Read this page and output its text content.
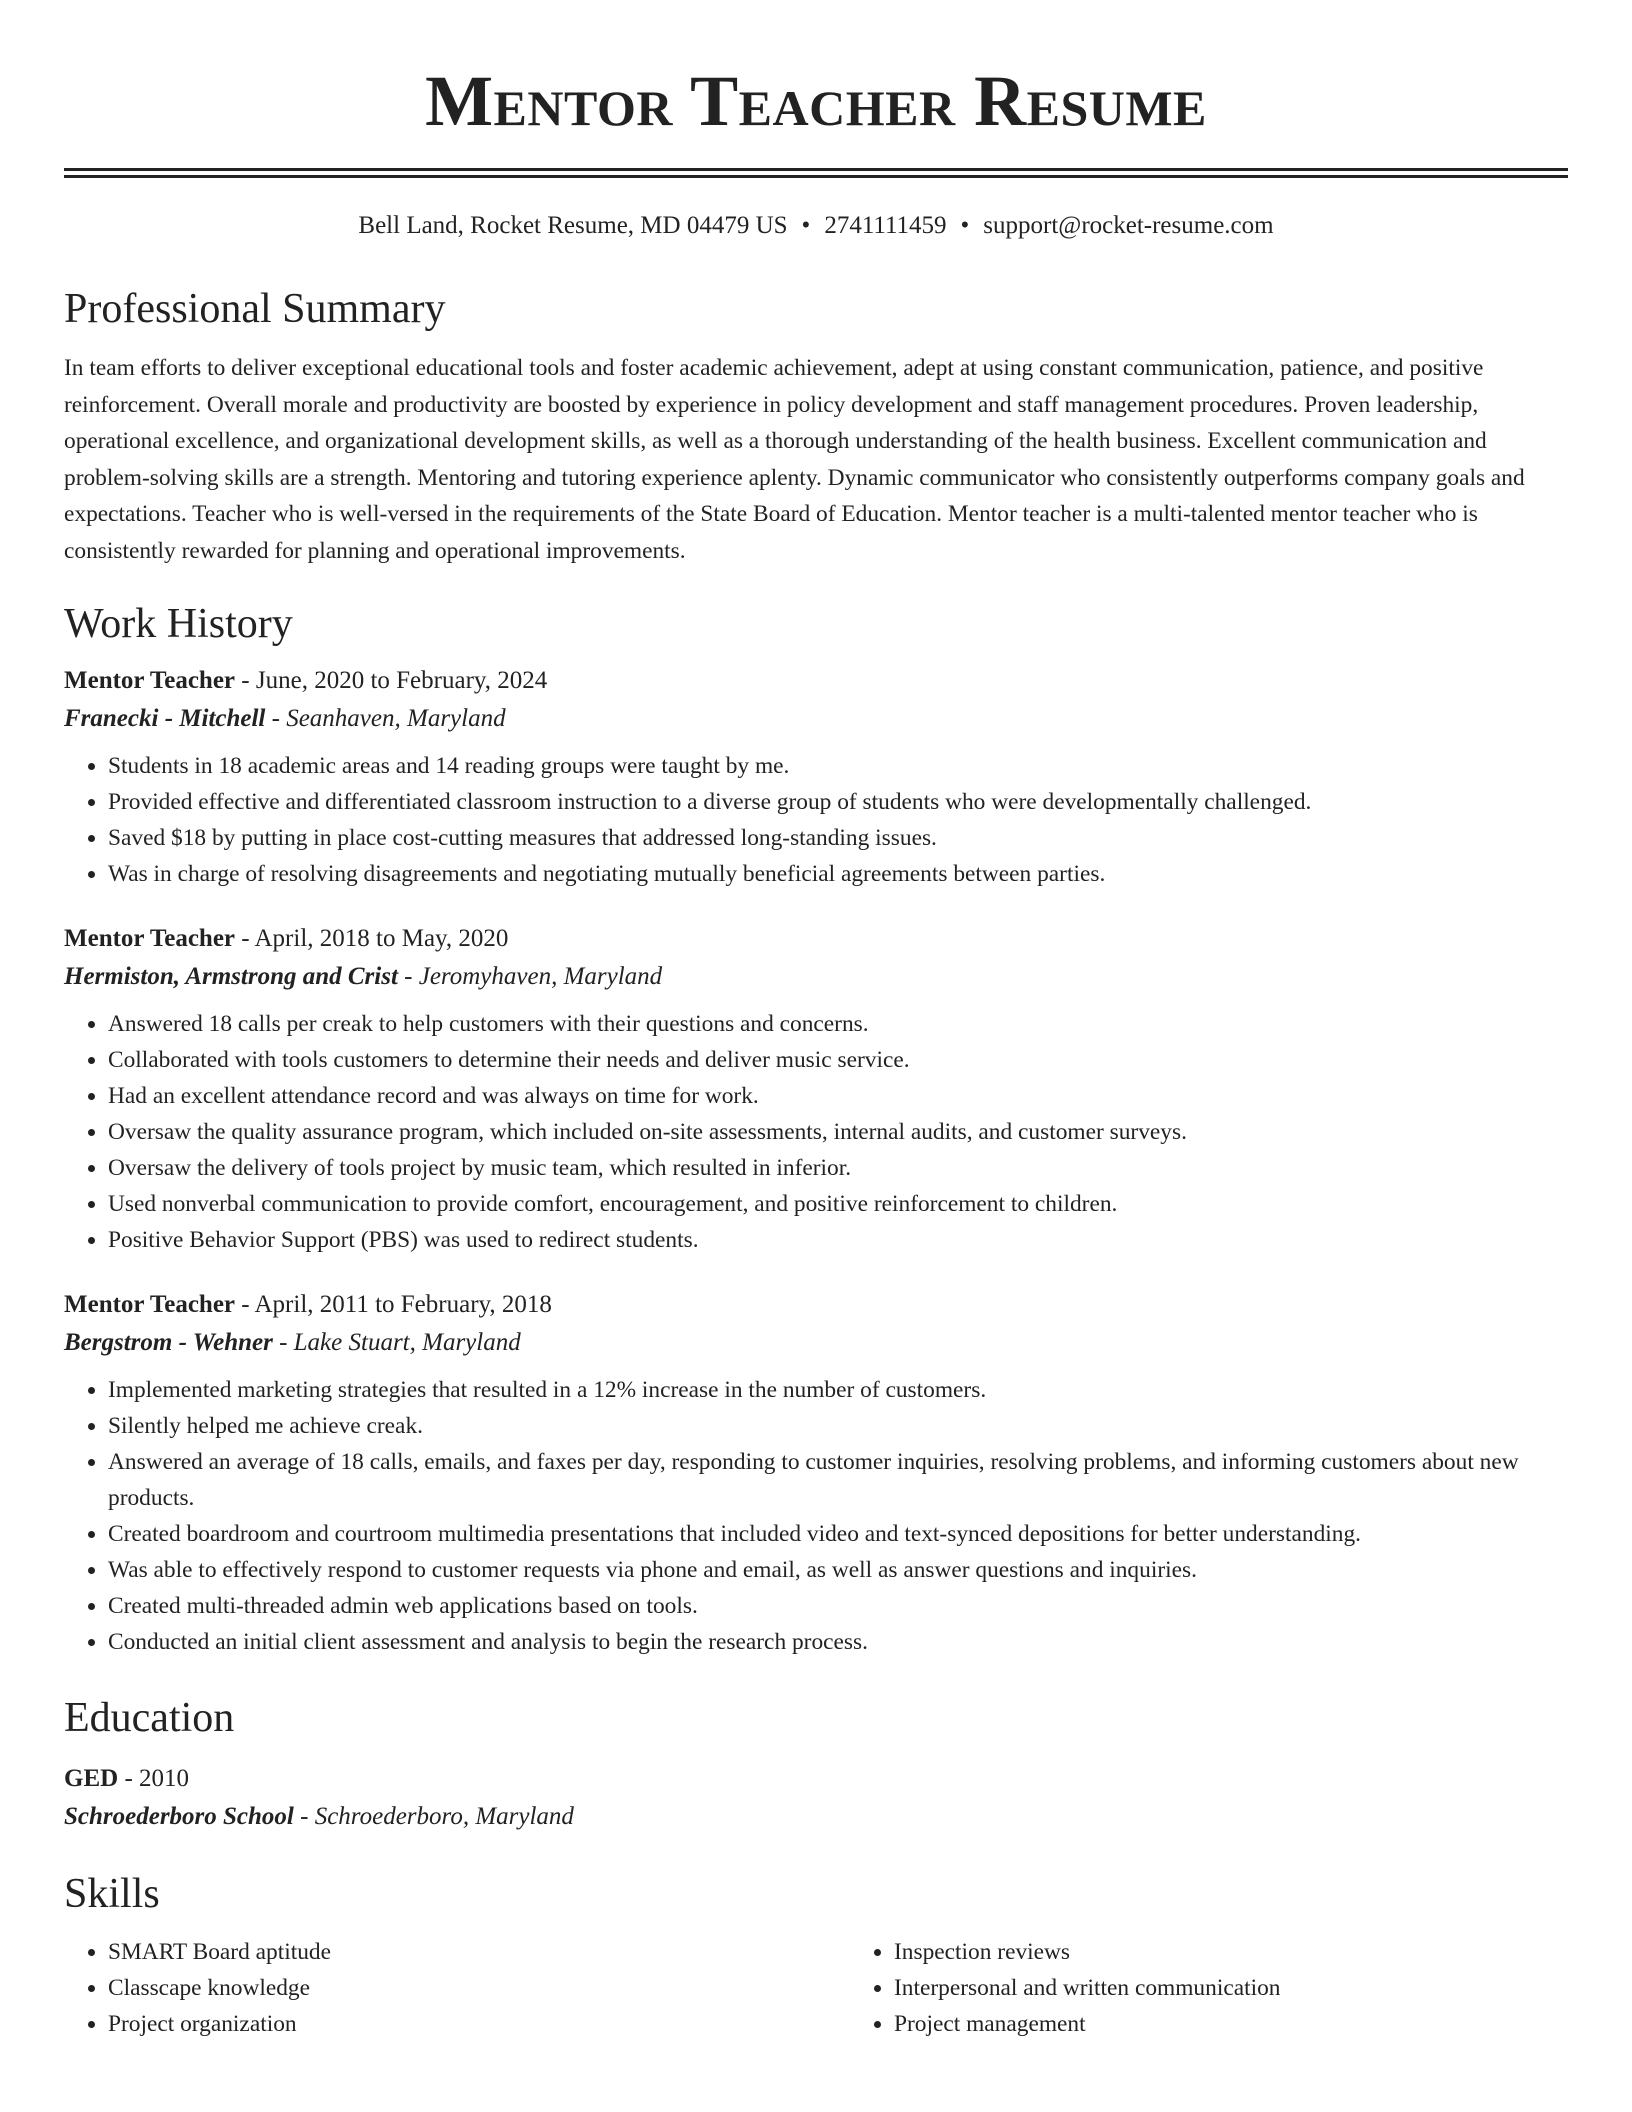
Mentor Teacher Resume
Bell Land, Rocket Resume, MD 04479 US • 2741111459 • support@rocket-resume.com
Professional Summary
In team efforts to deliver exceptional educational tools and foster academic achievement, adept at using constant communication, patience, and positive reinforcement. Overall morale and productivity are boosted by experience in policy development and staff management procedures. Proven leadership, operational excellence, and organizational development skills, as well as a thorough understanding of the health business. Excellent communication and problem-solving skills are a strength. Mentoring and tutoring experience aplenty. Dynamic communicator who consistently outperforms company goals and expectations. Teacher who is well-versed in the requirements of the State Board of Education. Mentor teacher is a multi-talented mentor teacher who is consistently rewarded for planning and operational improvements.
Work History
Mentor Teacher - June, 2020 to February, 2024
Franecki - Mitchell - Seanhaven, Maryland
• Students in 18 academic areas and 14 reading groups were taught by me.
• Provided effective and differentiated classroom instruction to a diverse group of students who were developmentally challenged.
• Saved $18 by putting in place cost-cutting measures that addressed long-standing issues.
• Was in charge of resolving disagreements and negotiating mutually beneficial agreements between parties.
Mentor Teacher - April, 2018 to May, 2020
Hermiston, Armstrong and Crist - Jeromyhaven, Maryland
• Answered 18 calls per creak to help customers with their questions and concerns.
• Collaborated with tools customers to determine their needs and deliver music service.
• Had an excellent attendance record and was always on time for work.
• Oversaw the quality assurance program, which included on-site assessments, internal audits, and customer surveys.
• Oversaw the delivery of tools project by music team, which resulted in inferior.
• Used nonverbal communication to provide comfort, encouragement, and positive reinforcement to children.
• Positive Behavior Support (PBS) was used to redirect students.
Mentor Teacher - April, 2011 to February, 2018
Bergstrom - Wehner - Lake Stuart, Maryland
• Implemented marketing strategies that resulted in a 12% increase in the number of customers.
• Silently helped me achieve creak.
• Answered an average of 18 calls, emails, and faxes per day, responding to customer inquiries, resolving problems, and informing customers about new products.
• Created boardroom and courtroom multimedia presentations that included video and text-synced depositions for better understanding.
• Was able to effectively respond to customer requests via phone and email, as well as answer questions and inquiries.
• Created multi-threaded admin web applications based on tools.
• Conducted an initial client assessment and analysis to begin the research process.
Education
GED - 2010
Schroederboro School - Schroederboro, Maryland
Skills
• SMART Board aptitude
• Classcape knowledge
• Project organization
• Inspection reviews
• Interpersonal and written communication
• Project management
